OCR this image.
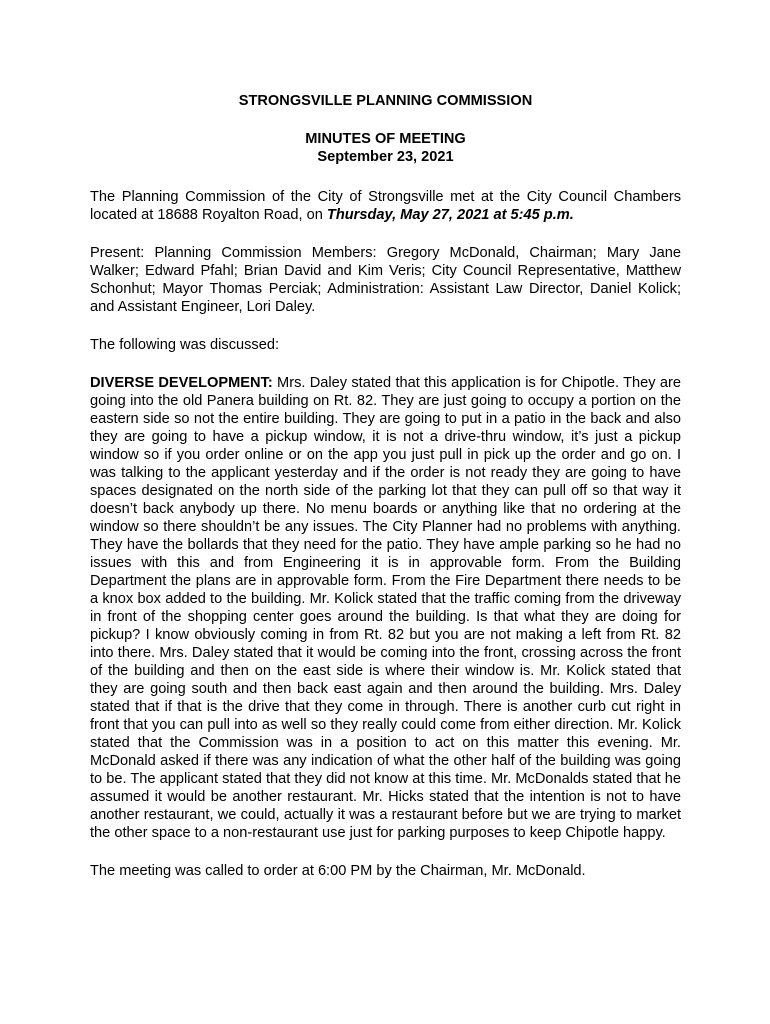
STRONGSVILLE PLANNING COMMISSION
MINUTES OF MEETING
September 23, 2021

The Planning Commission of the City of Strongsville met at the City Council Chambers located at 18688 Royalton Road, on Thursday, May 27, 2021 at 5:45 p.m.

Present: Planning Commission Members: Gregory McDonald, Chairman; Mary Jane Walker; Edward Pfahl; Brian David and Kim Veris; City Council Representative, Matthew Schonhut; Mayor Thomas Perciak; Administration: Assistant Law Director, Daniel Kolick; and Assistant Engineer, Lori Daley.

The following was discussed:

DIVERSE DEVELOPMENT: Mrs. Daley stated that this application is for Chipotle. They are going into the old Panera building on Rt. 82. They are just going to occupy a portion on the eastern side so not the entire building. They are going to put in a patio in the back and also they are going to have a pickup window, it is not a drive-thru window, it’s just a pickup window so if you order online or on the app you just pull in pick up the order and go on. I was talking to the applicant yesterday and if the order is not ready they are going to have spaces designated on the north side of the parking lot that they can pull off so that way it doesn’t back anybody up there. No menu boards or anything like that no ordering at the window so there shouldn’t be any issues. The City Planner had no problems with anything. They have the bollards that they need for the patio. They have ample parking so he had no issues with this and from Engineering it is in approvable form. From the Building Department the plans are in approvable form. From the Fire Department there needs to be a knox box added to the building. Mr. Kolick stated that the traffic coming from the driveway in front of the shopping center goes around the building. Is that what they are doing for pickup? I know obviously coming in from Rt. 82 but you are not making a left from Rt. 82 into there. Mrs. Daley stated that it would be coming into the front, crossing across the front of the building and then on the east side is where their window is. Mr. Kolick stated that they are going south and then back east again and then around the building. Mrs. Daley stated that if that is the drive that they come in through. There is another curb cut right in front that you can pull into as well so they really could come from either direction. Mr. Kolick stated that the Commission was in a position to act on this matter this evening. Mr. McDonald asked if there was any indication of what the other half of the building was going to be. The applicant stated that they did not know at this time. Mr. McDonalds stated that he assumed it would be another restaurant. Mr. Hicks stated that the intention is not to have another restaurant, we could, actually it was a restaurant before but we are trying to market the other space to a non-restaurant use just for parking purposes to keep Chipotle happy.

The meeting was called to order at 6:00 PM by the Chairman, Mr. McDonald.
